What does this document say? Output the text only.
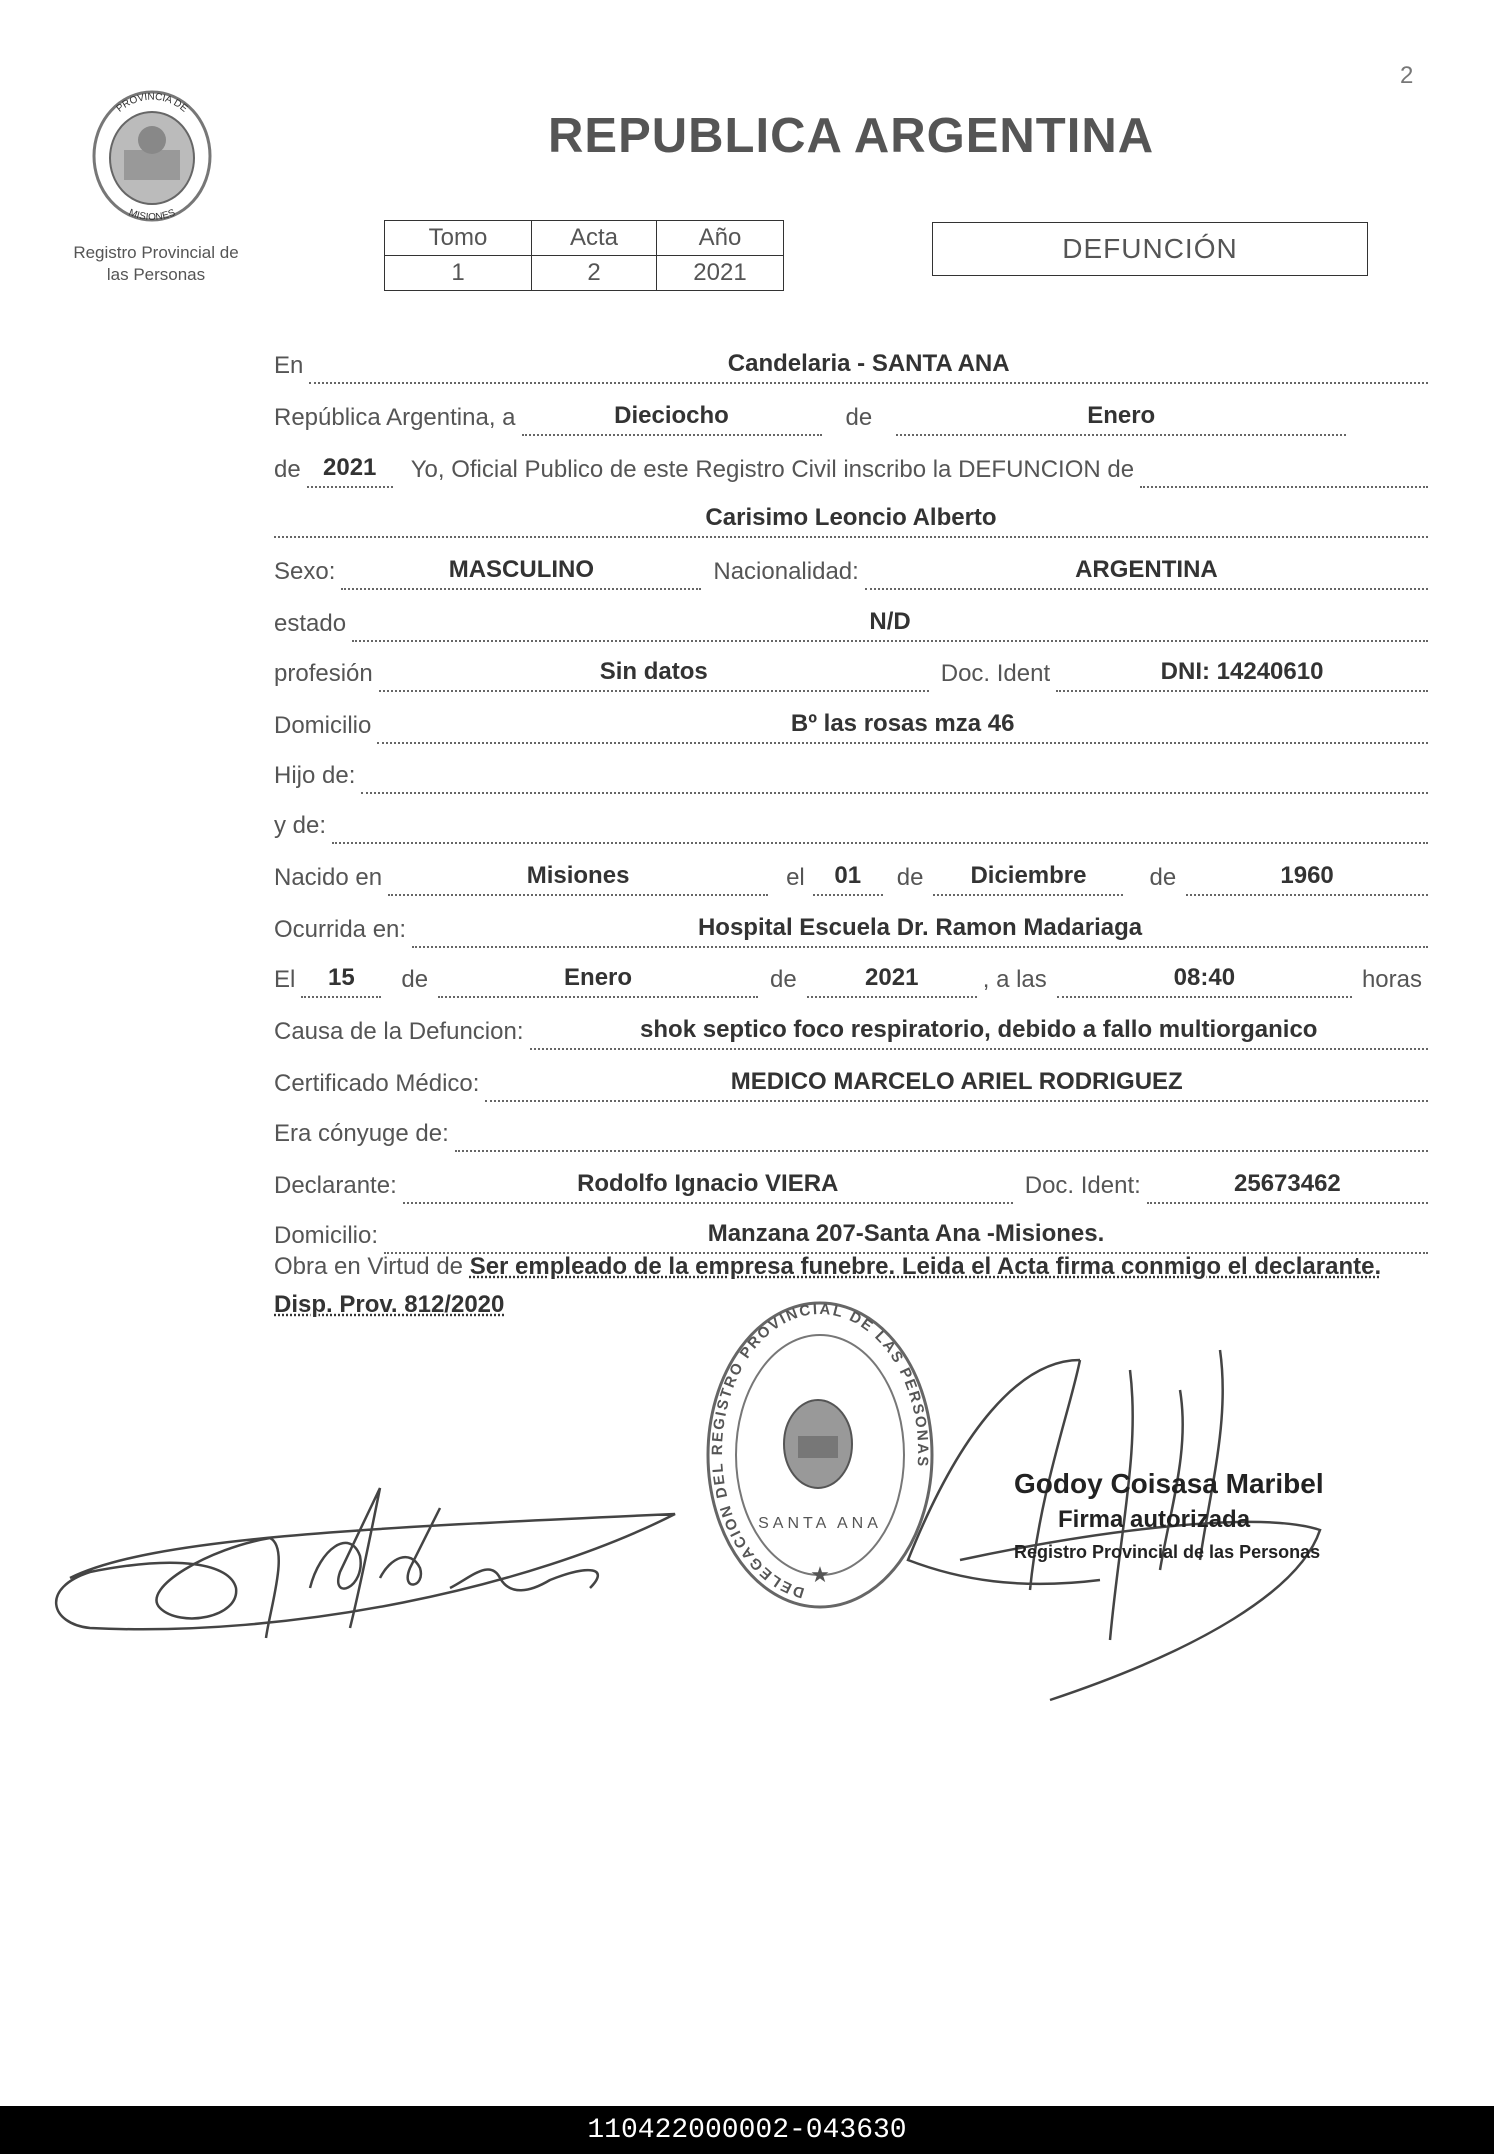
2
PROVINCIA DE
MISIONES
Registro Provincial de
las Personas
REPUBLICA ARGENTINA
Tomo	Acta	Año
1	2	2021
DEFUNCIÓN
En	Candelaria - SANTA ANA
República Argentina, a	Dieciocho	de	Enero
de 2021	Yo, Oficial Publico de este Registro Civil inscribo la DEFUNCION de
Carisimo Leoncio Alberto
Sexo:	MASCULINO	Nacionalidad:	ARGENTINA
estado	N/D
profesión	Sin datos	Doc. Ident	DNI: 14240610
Domicilio	Bº las rosas mza 46
Hijo de:
y de:
Nacido en	Misiones	el	01	de	Diciembre	de	1960
Ocurrida en:	Hospital Escuela Dr. Ramon Madariaga
El	15	de	Enero	de	2021	, a las	08:40	horas
Causa de la Defuncion:	shok septico foco respiratorio, debido a fallo multiorganico
Certificado Médico:	MEDICO MARCELO ARIEL RODRIGUEZ
Era cónyuge de:
Declarante:	Rodolfo Ignacio VIERA	Doc. Ident:	25673462
Domicilio:	Manzana 207-Santa Ana -Misiones.
Obra en Virtud de Ser empleado de la empresa funebre. Leida el Acta firma conmigo el declarante. Disp. Prov. 812/2020
DELEGACION DEL REGISTRO PROVINCIAL DE LAS PERSONAS
SANTA ANA
★
Godoy Coisasa Maribel
Firma autorizada
Registro Provincial de las Personas
110422000002-043630
